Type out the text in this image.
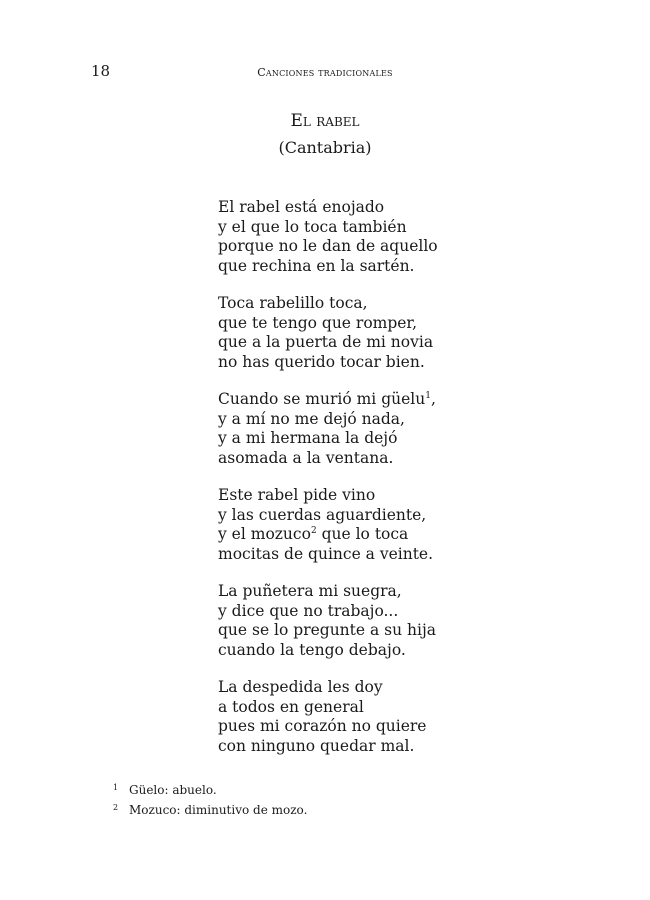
18	Canciones tradicionales
El rabel
(Cantabria)
El rabel está enojado
y el que lo toca también
porque no le dan de aquello
que rechina en la sartén.
Toca rabelillo toca,
que te tengo que romper,
que a la puerta de mi novia
no has querido tocar bien.
Cuando se murió mi güelu$^1$,
y a mí no me dejó nada,
y a mi hermana la dejó
asomada a la ventana.
Este rabel pide vino
y las cuerdas aguardiente,
y el mozuco$^2$ que lo toca
mocitas de quince a veinte.
La puñetera mi suegra,
y dice que no trabajo...
que se lo pregunte a su hija
cuando la tengo debajo.
La despedida les doy
a todos en general
pues mi corazón no quiere
con ninguno quedar mal.
1 Güelo: abuelo.
2 Mozuco: diminutivo de mozo.
